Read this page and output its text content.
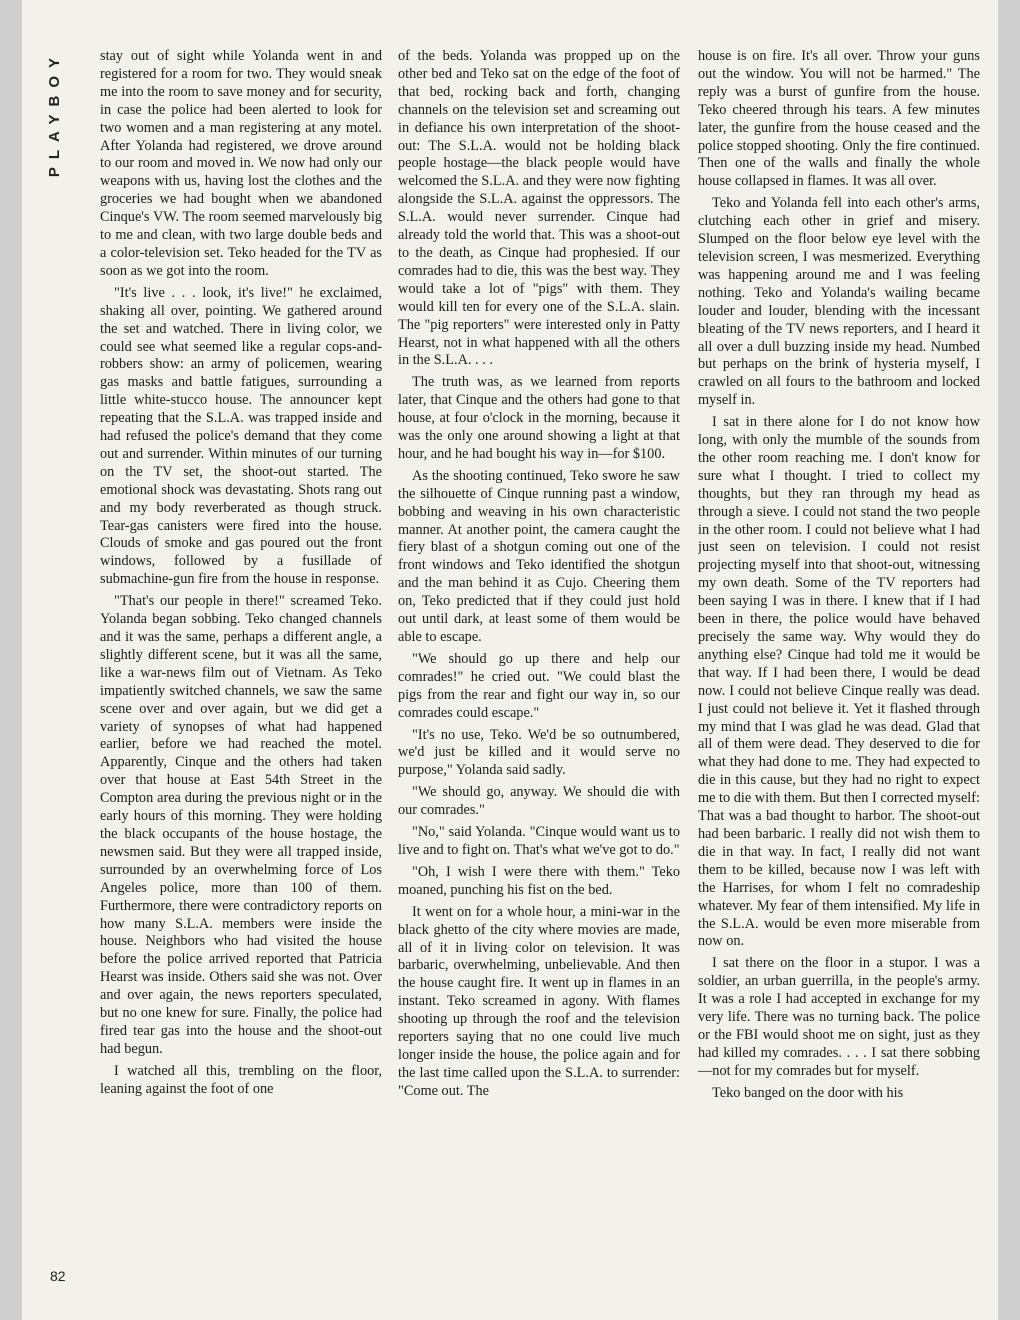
PLAYBOY
82

stay out of sight while Yolanda went in and registered for a room for two. They would sneak me into the room to save money and for security, in case the police had been alerted to look for two women and a man registering at any motel. After Yolanda had registered, we drove around to our room and moved in. We now had only our weapons with us, having lost the clothes and the groceries we had bought when we abandoned Cinque's VW. The room seemed marvelously big to me and clean, with two large double beds and a color-television set. Teko headed for the TV as soon as we got into the room.

"It's live . . . look, it's live!" he exclaimed, shaking all over, pointing. We gathered around the set and watched. There in living color, we could see what seemed like a regular cops-and-robbers show: an army of policemen, wearing gas masks and battle fatigues, surrounding a little white-stucco house. The announcer kept repeating that the S.L.A. was trapped inside and had refused the police's demand that they come out and surrender. Within minutes of our turning on the TV set, the shoot-out started. The emotional shock was devastating. Shots rang out and my body reverberated as though struck. Tear-gas canisters were fired into the house. Clouds of smoke and gas poured out the front windows, followed by a fusillade of submachine-gun fire from the house in response.

"That's our people in there!" screamed Teko. Yolanda began sobbing. Teko changed channels and it was the same, perhaps a different angle, a slightly different scene, but it was all the same, like a war-news film out of Vietnam. As Teko impatiently switched channels, we saw the same scene over and over again, but we did get a variety of synopses of what had happened earlier, before we had reached the motel. Apparently, Cinque and the others had taken over that house at East 54th Street in the Compton area during the previous night or in the early hours of this morning. They were holding the black occupants of the house hostage, the newsmen said. But they were all trapped inside, surrounded by an overwhelming force of Los Angeles police, more than 100 of them. Furthermore, there were contradictory reports on how many S.L.A. members were inside the house. Neighbors who had visited the house before the police arrived reported that Patricia Hearst was inside. Others said she was not. Over and over again, the news reporters speculated, but no one knew for sure. Finally, the police had fired tear gas into the house and the shoot-out had begun.

I watched all this, trembling on the floor, leaning against the foot of one

of the beds. Yolanda was propped up on the other bed and Teko sat on the edge of the foot of that bed, rocking back and forth, changing channels on the television set and screaming out in defiance his own interpretation of the shoot-out: The S.L.A. would not be holding black people hostage—the black people would have welcomed the S.L.A. and they were now fighting alongside the S.L.A. against the oppressors. The S.L.A. would never surrender. Cinque had already told the world that. This was a shoot-out to the death, as Cinque had prophesied. If our comrades had to die, this was the best way. They would take a lot of "pigs" with them. They would kill ten for every one of the S.L.A. slain. The "pig reporters" were interested only in Patty Hearst, not in what happened with all the others in the S.L.A. . . .

The truth was, as we learned from reports later, that Cinque and the others had gone to that house, at four o'clock in the morning, because it was the only one around showing a light at that hour, and he had bought his way in—for $100.

As the shooting continued, Teko swore he saw the silhouette of Cinque running past a window, bobbing and weaving in his own characteristic manner. At another point, the camera caught the fiery blast of a shotgun coming out one of the front windows and Teko identified the shotgun and the man behind it as Cujo. Cheering them on, Teko predicted that if they could just hold out until dark, at least some of them would be able to escape.

"We should go up there and help our comrades!" he cried out. "We could blast the pigs from the rear and fight our way in, so our comrades could escape."

"It's no use, Teko. We'd be so outnumbered, we'd just be killed and it would serve no purpose," Yolanda said sadly.

"We should go, anyway. We should die with our comrades."

"No," said Yolanda. "Cinque would want us to live and to fight on. That's what we've got to do."

"Oh, I wish I were there with them." Teko moaned, punching his fist on the bed.

It went on for a whole hour, a mini-war in the black ghetto of the city where movies are made, all of it in living color on television. It was barbaric, overwhelming, unbelievable. And then the house caught fire. It went up in flames in an instant. Teko screamed in agony. With flames shooting up through the roof and the television reporters saying that no one could live much longer inside the house, the police again and for the last time called upon the S.L.A. to surrender: "Come out. The

house is on fire. It's all over. Throw your guns out the window. You will not be harmed." The reply was a burst of gunfire from the house. Teko cheered through his tears. A few minutes later, the gunfire from the house ceased and the police stopped shooting. Only the fire continued. Then one of the walls and finally the whole house collapsed in flames. It was all over.

Teko and Yolanda fell into each other's arms, clutching each other in grief and misery. Slumped on the floor below eye level with the television screen, I was mesmerized. Everything was happening around me and I was feeling nothing. Teko and Yolanda's wailing became louder and louder, blending with the incessant bleating of the TV news reporters, and I heard it all over a dull buzzing inside my head. Numbed but perhaps on the brink of hysteria myself, I crawled on all fours to the bathroom and locked myself in.

I sat in there alone for I do not know how long, with only the mumble of the sounds from the other room reaching me. I don't know for sure what I thought. I tried to collect my thoughts, but they ran through my head as through a sieve. I could not stand the two people in the other room. I could not believe what I had just seen on television. I could not resist projecting myself into that shoot-out, witnessing my own death. Some of the TV reporters had been saying I was in there. I knew that if I had been in there, the police would have behaved precisely the same way. Why would they do anything else? Cinque had told me it would be that way. If I had been there, I would be dead now. I could not believe Cinque really was dead. I just could not believe it. Yet it flashed through my mind that I was glad he was dead. Glad that all of them were dead. They deserved to die for what they had done to me. They had expected to die in this cause, but they had no right to expect me to die with them. But then I corrected myself: That was a bad thought to harbor. The shoot-out had been barbaric. I really did not wish them to die in that way. In fact, I really did not want them to be killed, because now I was left with the Harrises, for whom I felt no comradeship whatever. My fear of them intensified. My life in the S.L.A. would be even more miserable from now on.

I sat there on the floor in a stupor. I was a soldier, an urban guerrilla, in the people's army. It was a role I had accepted in exchange for my very life. There was no turning back. The police or the FBI would shoot me on sight, just as they had killed my comrades. . . . I sat there sobbing—not for my comrades but for myself.

Teko banged on the door with his
